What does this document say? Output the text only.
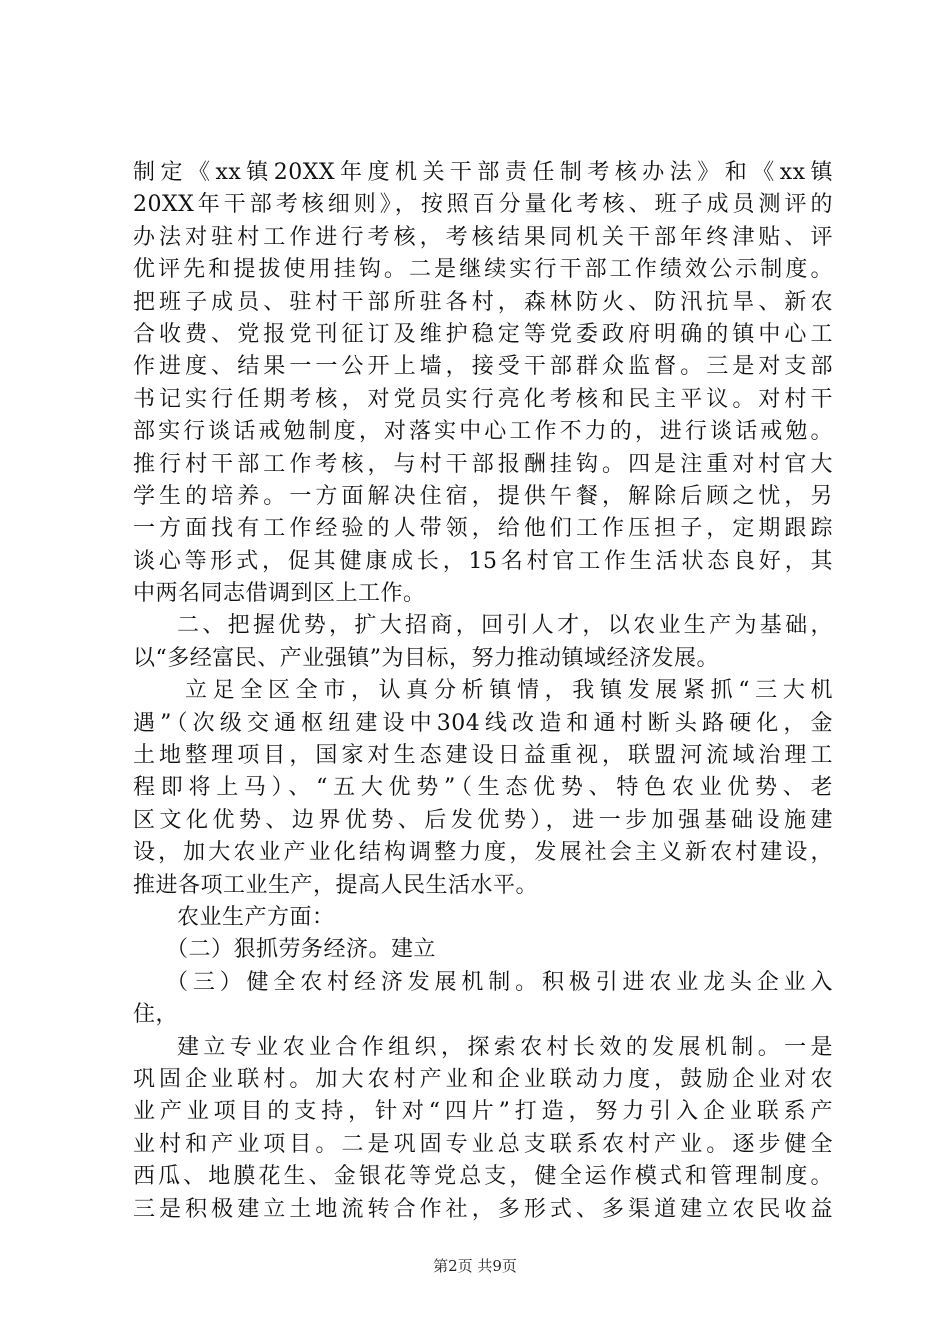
制定《xx镇20XX年度机关干部责任制考核办法》和《xx镇
20XX年干部考核细则》，按照百分量化考核、班子成员测评的
办法对驻村工作进行考核，考核结果同机关干部年终津贴、评
优评先和提拔使用挂钩。二是继续实行干部工作绩效公示制度。
把班子成员、驻村干部所驻各村，森林防火、防汛抗旱、新农
合收费、党报党刊征订及维护稳定等党委政府明确的镇中心工
作进度、结果一一公开上墙，接受干部群众监督。三是对支部
书记实行任期考核，对党员实行亮化考核和民主平议。对村干
部实行谈话戒勉制度，对落实中心工作不力的，进行谈话戒勉。
推行村干部工作考核，与村干部报酬挂钩。四是注重对村官大
学生的培养。一方面解决住宿，提供午餐，解除后顾之忧，另
一方面找有工作经验的人带领，给他们工作压担子，定期跟踪
谈心等形式，促其健康成长，15名村官工作生活状态良好，其
中两名同志借调到区上工作。
二、把握优势，扩大招商，回引人才，以农业生产为基础，
以“多经富民、产业强镇”为目标，努力推动镇域经济发展。
立足全区全市，认真分析镇情，我镇发展紧抓“三大机
遇”（次级交通枢纽建设中304线改造和通村断头路硬化，金
土地整理项目，国家对生态建设日益重视，联盟河流域治理工
程即将上马）、“五大优势”（生态优势、特色农业优势、老
区文化优势、边界优势、后发优势），进一步加强基础设施建
设，加大农业产业化结构调整力度，发展社会主义新农村建设，
推进各项工业生产，提高人民生活水平。
农业生产方面：
（二）狠抓劳务经济。建立
（三）健全农村经济发展机制。积极引进农业龙头企业入
住，
建立专业农业合作组织，探索农村长效的发展机制。一是
巩固企业联村。加大农村产业和企业联动力度，鼓励企业对农
业产业项目的支持，针对“四片”打造，努力引入企业联系产
业村和产业项目。二是巩固专业总支联系农村产业。逐步健全
西瓜、地膜花生、金银花等党总支，健全运作模式和管理制度。
三是积极建立土地流转合作社，多形式、多渠道建立农民收益
第2页 共9页
